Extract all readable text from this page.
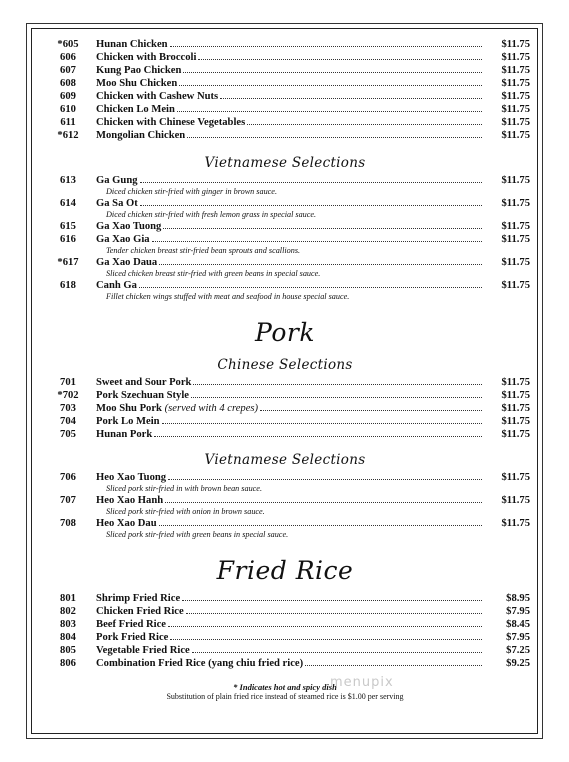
*605	Hunan Chicken	$11.75
606	Chicken with Broccoli	$11.75
607	Kung Pao Chicken	$11.75
608	Moo Shu Chicken	$11.75
609	Chicken with Cashew Nuts	$11.75
610	Chicken Lo Mein	$11.75
611	Chicken with Chinese Vegetables	$11.75
*612	Mongolian Chicken	$11.75
Vietnamese Selections
613	Ga Gung	$11.75
Diced chicken stir-fried with ginger in brown sauce.
614	Ga Sa Ot	$11.75
Diced chicken stir-fried with fresh lemon grass in special sauce.
615	Ga Xao Tuong	$11.75
616	Ga Xao Gia	$11.75
Tender chicken breast stir-fried bean sprouts and scallions.
*617	Ga Xao Daua	$11.75
Sliced chicken breast stir-fried with green beans in special sauce.
618	Canh Ga	$11.75
Fillet chicken wings stuffed with meat and seafood in house special sauce.
Pork
Chinese Selections
701	Sweet and Sour Pork	$11.75
*702	Pork Szechuan Style	$11.75
703	Moo Shu Pork (served with 4 crepes)	$11.75
704	Pork Lo Mein	$11.75
705	Hunan Pork	$11.75
Vietnamese Selections
706	Heo Xao Tuong	$11.75
Sliced pork stir-fried in with brown bean sauce.
707	Heo Xao Hanh	$11.75
Sliced pork stir-fried with onion in brown sauce.
708	Heo Xao Dau	$11.75
Sliced pork stir-fried with green beans in special sauce.
Fried Rice
801	Shrimp Fried Rice	$8.95
802	Chicken Fried Rice	$7.95
803	Beef Fried Rice	$8.45
804	Pork Fried Rice	$7.95
805	Vegetable Fried Rice	$7.25
806	Combination Fried Rice (yang chiu fried rice)	$9.25
* Indicates hot and spicy dish
Substitution of plain fried rice instead of steamed rice is $1.00 per serving
menupix
